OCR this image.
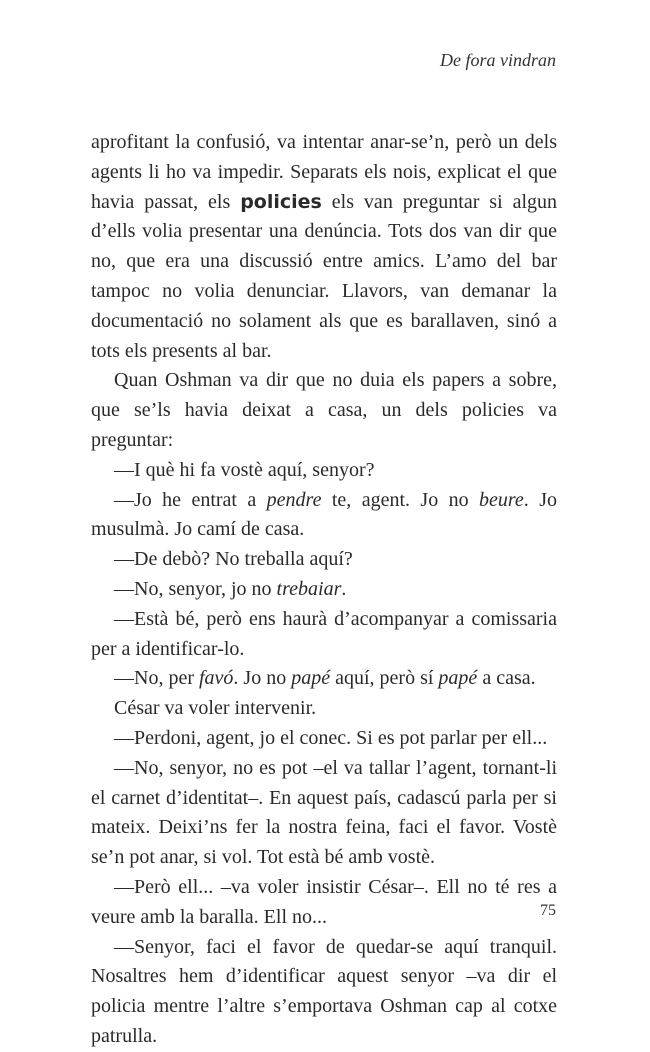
De fora vindran

aprofitant la confusió, va intentar anar-se’n, però un dels agents li ho va impedir. Separats els nois, explicat el que havia passat, els policies els van preguntar si algun d’ells volia presentar una denúncia. Tots dos van dir que no, que era una discussió entre amics. L’amo del bar tampoc no volia denunciar. Llavors, van demanar la documentació no solament als que es barallaven, sinó a tots els presents al bar.

Quan Oshman va dir que no duia els papers a sobre, que se’ls havia deixat a casa, un dels policies va preguntar:

—I què hi fa vostè aquí, senyor?

—Jo he entrat a pendre te, agent. Jo no beure. Jo musulmà. Jo camí de casa.

—De debò? No treballa aquí?

—No, senyor, jo no trebaiar.

—Està bé, però ens haurà d’acompanyar a comissaria per a identificar-lo.

—No, per favó. Jo no papé aquí, però sí papé a casa.

César va voler intervenir.

—Perdoni, agent, jo el conec. Si es pot parlar per ell...

—No, senyor, no es pot –el va tallar l’agent, tornant-li el carnet d’identitat–. En aquest país, cadascú parla per si mateix. Deixi’ns fer la nostra feina, faci el favor. Vostè se’n pot anar, si vol. Tot està bé amb vostè.

—Però ell... –va voler insistir César–. Ell no té res a veure amb la baralla. Ell no...

—Senyor, faci el favor de quedar-se aquí tranquil. Nosaltres hem d’identificar aquest senyor –va dir el policia mentre l’altre s’emportava Oshman cap al cotxe patrulla.

75
